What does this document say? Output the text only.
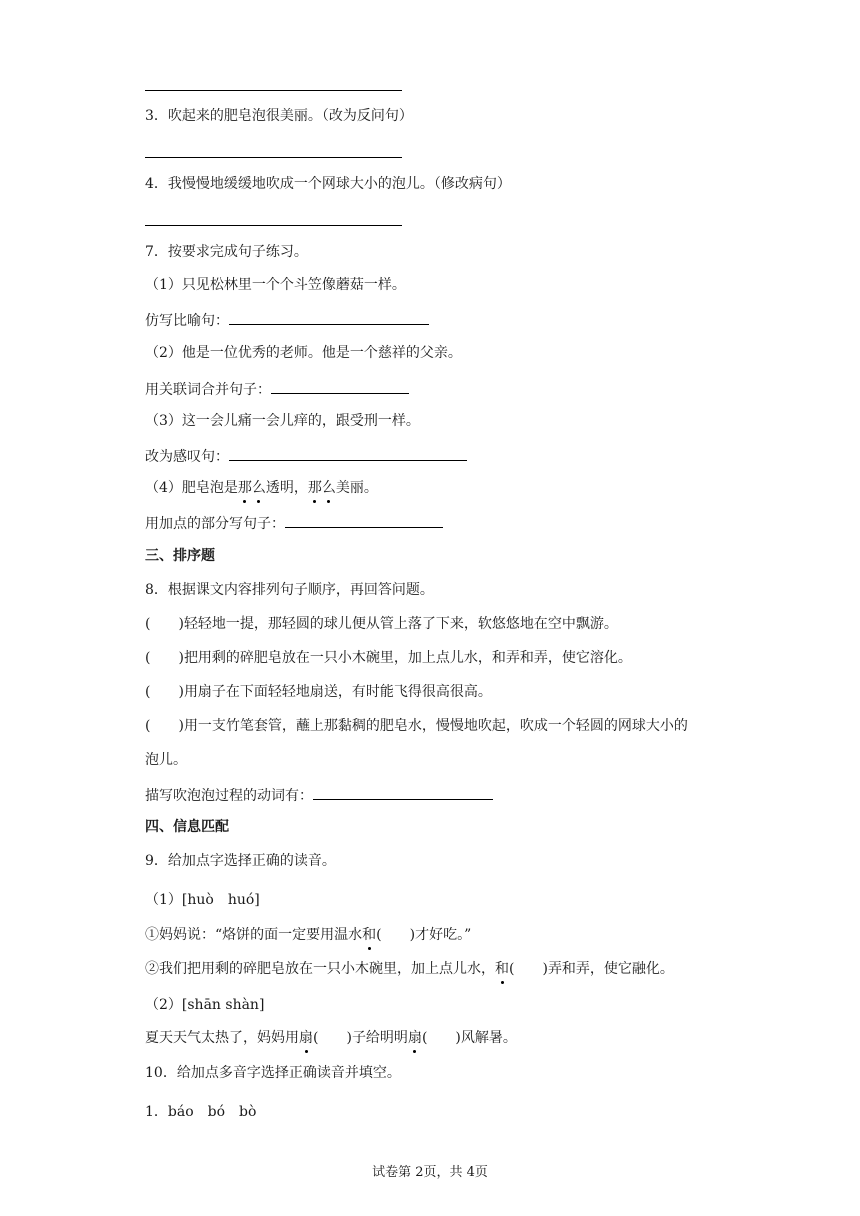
3．吹起来的肥皂泡很美丽。（改为反问句）
4．我慢慢地缓缓地吹成一个网球大小的泡儿。（修改病句）
7．按要求完成句子练习。
（1）只见松林里一个个斗笠像蘑菇一样。
仿写比喻句：
（2）他是一位优秀的老师。他是一个慈祥的父亲。
用关联词合并句子：
（3）这一会儿痛一会儿痒的，跟受刑一样。
改为感叹句：
（4）肥皂泡是那么透明，那么美丽。
用加点的部分写句子：
三、排序题
8．根据课文内容排列句子顺序，再回答问题。
( )轻轻地一提，那轻圆的球儿便从管上落了下来，软悠悠地在空中飘游。
( )把用剩的碎肥皂放在一只小木碗里，加上点儿水，和弄和弄，使它溶化。
( )用扇子在下面轻轻地扇送，有时能飞得很高很高。
( )用一支竹笔套管，蘸上那黏稠的肥皂水，慢慢地吹起，吹成一个轻圆的网球大小的
泡儿。
描写吹泡泡过程的动词有：
四、信息匹配
9．给加点字选择正确的读音。
（1）[huò　huó]
①妈妈说：“烙饼的面一定要用温水和( )才好吃。”
②我们把用剩的碎肥皂放在一只小木碗里，加上点儿水，和( )弄和弄，使它融化。
（2）[shān shàn]
夏天天气太热了，妈妈用扇( )子给明明扇( )风解暑。
10．给加点多音字选择正确读音并填空。
1．báo　bó　bò
试卷第 2页，共 4页
